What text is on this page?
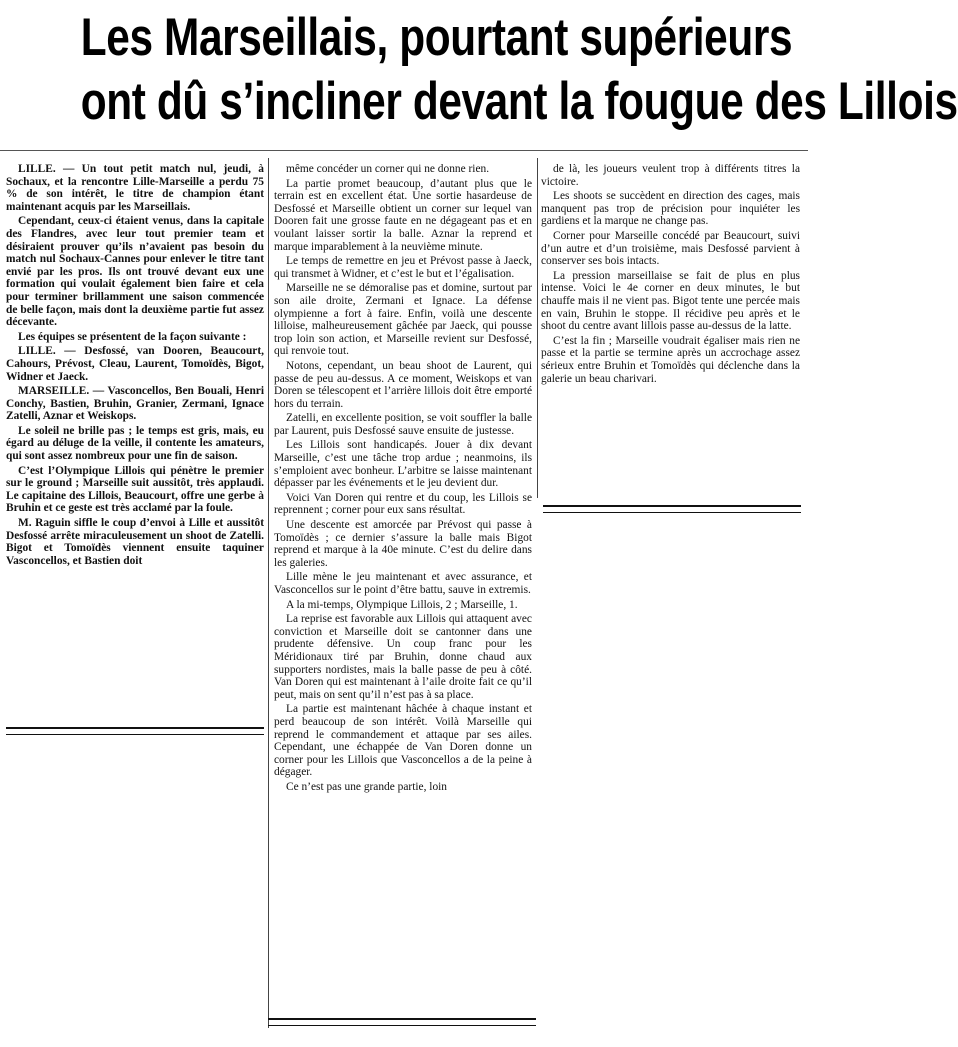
Les Marseillais, pourtant supérieurs
ont dû s’incliner devant la fougue des Lillois

LILLE. — Un tout petit match nul, jeudi, à Sochaux, et la rencontre Lille-Marseille a perdu 75 % de son intérêt, le titre de champion étant maintenant acquis par les Marseillais.

Cependant, ceux-ci étaient venus, dans la capitale des Flandres, avec leur tout premier team et désiraient prouver qu’ils n’avaient pas besoin du match nul Sochaux-Cannes pour enlever le titre tant envié par les pros. Ils ont trouvé devant eux une formation qui voulait également bien faire et cela pour terminer brillamment une saison commencée de belle façon, mais dont la deuxième partie fut assez décevante.

Les équipes se présentent de la façon suivante :

LILLE. — Desfossé, van Dooren, Beaucourt, Cahours, Prévost, Cleau, Laurent, Tomoïdès, Bigot, Widner et Jaeck.

MARSEILLE. — Vasconcellos, Ben Bouali, Henri Conchy, Bastien, Bruhin, Granier, Zermani, Ignace Zatelli, Aznar et Weiskops.

Le soleil ne brille pas ; le temps est gris, mais, eu égard au déluge de la veille, il contente les amateurs, qui sont assez nombreux pour une fin de saison.

C’est l’Olympique Lillois qui pénètre le premier sur le ground ; Marseille suit aussitôt, très applaudi. Le capitaine des Lillois, Beaucourt, offre une gerbe à Bruhin et ce geste est très acclamé par la foule.

M. Raguin siffle le coup d’envoi à Lille et aussitôt Desfossé arrête miraculeusement un shoot de Zatelli. Bigot et Tomoïdès viennent ensuite taquiner Vasconcellos, et Bastien doit

même concéder un corner qui ne donne rien.

La partie promet beaucoup, d’autant plus que le terrain est en excellent état. Une sortie hasardeuse de Desfossé et Marseille obtient un corner sur lequel van Dooren fait une grosse faute en ne dégageant pas et en voulant laisser sortir la balle. Aznar la reprend et marque imparablement à la neuvième minute.

Le temps de remettre en jeu et Prévost passe à Jaeck, qui transmet à Widner, et c’est le but et l’égalisation.

Marseille ne se démoralise pas et domine, surtout par son aile droite, Zermani et Ignace. La défense olympienne a fort à faire. Enfin, voilà une descente lilloise, malheureusement gâchée par Jaeck, qui pousse trop loin son action, et Marseille revient sur Desfossé, qui renvoie tout.

Notons, cependant, un beau shoot de Laurent, qui passe de peu au-dessus. A ce moment, Weiskops et van Doren se télescopent et l’arrière lillois doit être emporté hors du terrain.

Zatelli, en excellente position, se voit souffler la balle par Laurent, puis Desfossé sauve ensuite de justesse.

Les Lillois sont handicapés. Jouer à dix devant Marseille, c’est une tâche trop ardue ; neanmoins, ils s’emploient avec bonheur. L’arbitre se laisse maintenant dépasser par les événements et le jeu devient dur.

Voici Van Doren qui rentre et du coup, les Lillois se reprennent ; corner pour eux sans résultat.

Une descente est amorcée par Prévost qui passe à Tomoïdès ; ce dernier s’assure la balle mais Bigot reprend et marque à la 40e minute. C’est du delire dans les galeries.

Lille mène le jeu maintenant et avec assurance, et Vasconcellos sur le point d’être battu, sauve in extremis.

A la mi-temps, Olympique Lillois, 2 ; Marseille, 1.

La reprise est favorable aux Lillois qui attaquent avec conviction et Marseille doit se cantonner dans une prudente défensive. Un coup franc pour les Méridionaux tiré par Bruhin, donne chaud aux supporters nordistes, mais la balle passe de peu à côté. Van Doren qui est maintenant à l’aile droite fait ce qu’il peut, mais on sent qu’il n’est pas à sa place.

La partie est maintenant hâchée à chaque instant et perd beaucoup de son intérêt. Voilà Marseille qui reprend le commandement et attaque par ses ailes. Cependant, une échappée de Van Doren donne un corner pour les Lillois que Vasconcellos a de la peine à dégager.

Ce n’est pas une grande partie, loin

de là, les joueurs veulent trop à différents titres la victoire.

Les shoots se succèdent en direction des cages, mais manquent pas trop de précision pour inquiéter les gardiens et la marque ne change pas.

Corner pour Marseille concédé par Beaucourt, suivi d’un autre et d’un troisième, mais Desfossé parvient à conserver ses bois intacts.

La pression marseillaise se fait de plus en plus intense. Voici le 4e corner en deux minutes, le but chauffe mais il ne vient pas. Bigot tente une percée mais en vain, Bruhin le stoppe. Il récidive peu après et le shoot du centre avant lillois passe au-dessus de la latte.

C’est la fin ; Marseille voudrait égaliser mais rien ne passe et la partie se termine après un accrochage assez sérieux entre Bruhin et Tomoïdès qui déclenche dans la galerie un beau charivari.
